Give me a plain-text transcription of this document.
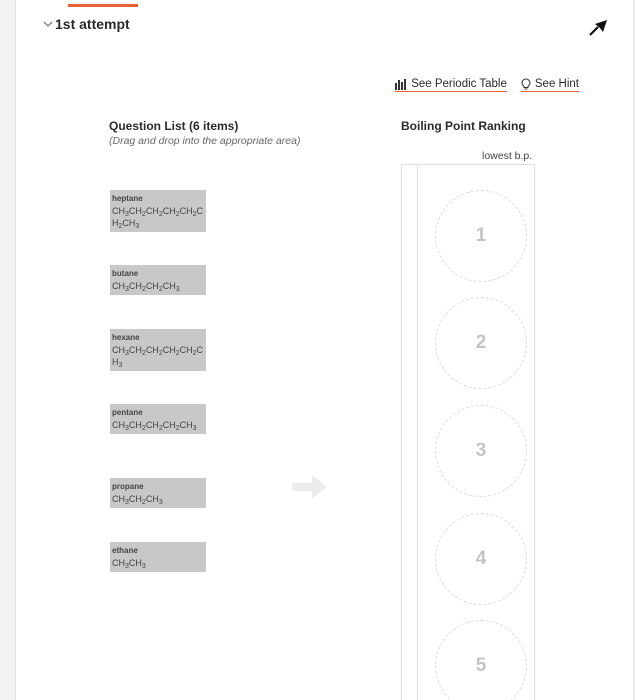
1st attempt
See Periodic Table See Hint
Question List (6 items)
(Drag and drop into the appropriate area)
heptane
$CH_3CH_2CH_2CH_2CH_2CH_2CH_3$
butane
$CH_3CH_2CH_2CH_3$
hexane
$CH_3CH_2CH_2CH_2CH_2CH_3$
pentane
$CH_3CH_2CH_2CH_2CH_3$
propane
$CH_3CH_2CH_3$
ethane
$CH_3CH_3$
Boiling Point Ranking
lowest b.p.
1
2
3
4
5
